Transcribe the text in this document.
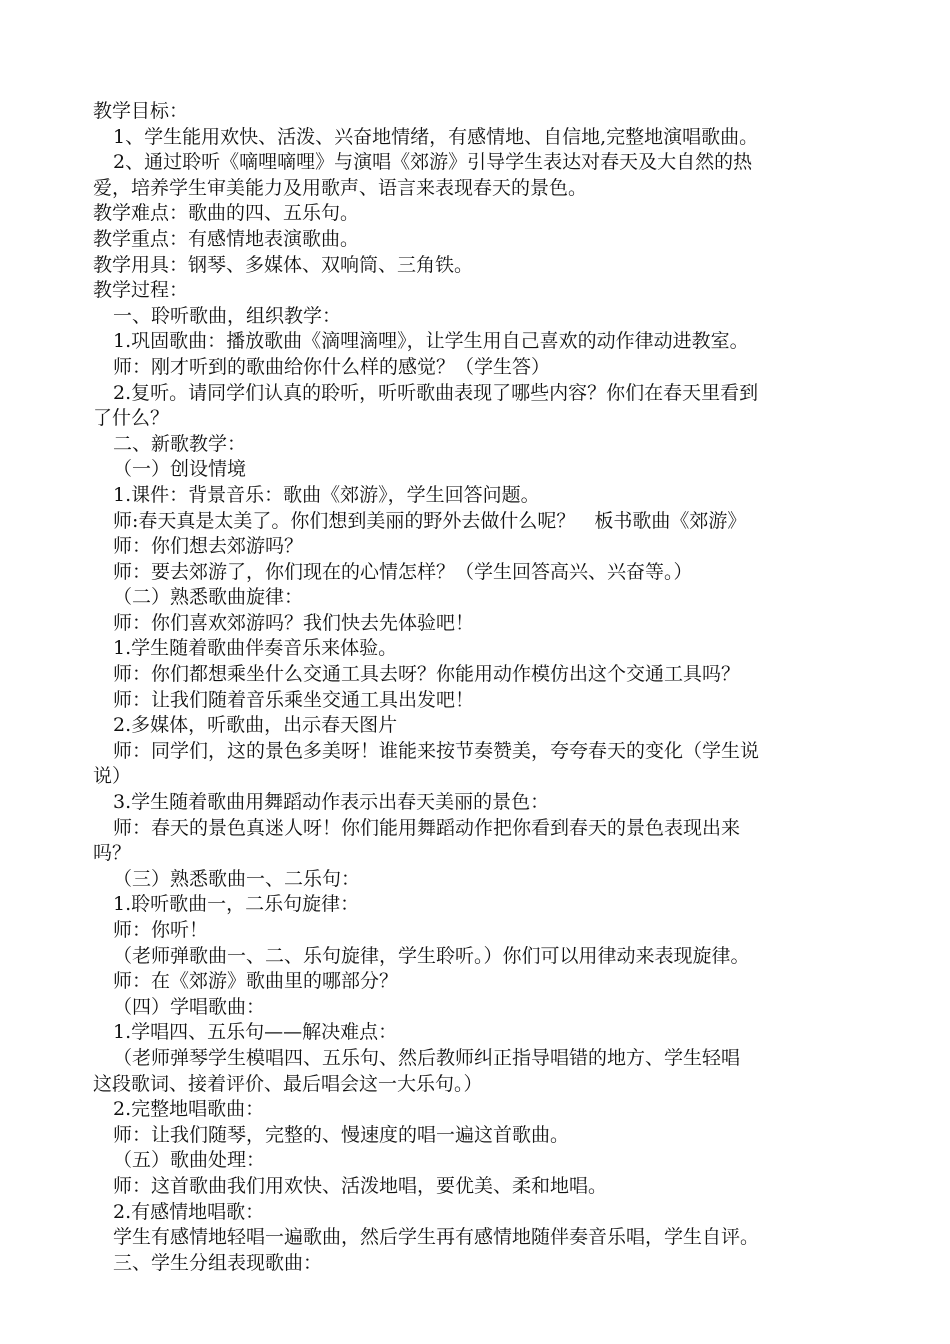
教学目标：
1、学生能用欢快、活泼、兴奋地情绪，有感情地、自信地,完整地演唱歌曲。
2、通过聆听《嘀哩嘀哩》与演唱《郊游》引导学生表达对春天及大自然的热
爱，培养学生审美能力及用歌声、语言来表现春天的景色。
教学难点：歌曲的四、五乐句。
教学重点：有感情地表演歌曲。
教学用具：钢琴、多媒体、双响筒、三角铁。
教学过程：
一、聆听歌曲，组织教学：
1.巩固歌曲：播放歌曲《滴哩滴哩》，让学生用自己喜欢的动作律动进教室。
师：刚才听到的歌曲给你什么样的感觉？（学生答）
2.复听。请同学们认真的聆听，听听歌曲表现了哪些内容？你们在春天里看到
了什么？
二、新歌教学：
（一）创设情境
1.课件：背景音乐：歌曲《郊游》，学生回答问题。
师:春天真是太美了。你们想到美丽的野外去做什么呢？　板书歌曲《郊游》
师：你们想去郊游吗？
师：要去郊游了，你们现在的心情怎样？（学生回答高兴、兴奋等。）
（二）熟悉歌曲旋律：
师：你们喜欢郊游吗？我们快去先体验吧！
1.学生随着歌曲伴奏音乐来体验。
师：你们都想乘坐什么交通工具去呀？你能用动作模仿出这个交通工具吗？
师：让我们随着音乐乘坐交通工具出发吧！
2.多媒体，听歌曲，出示春天图片
师：同学们，这的景色多美呀！谁能来按节奏赞美，夸夸春天的变化（学生说
说）
3.学生随着歌曲用舞蹈动作表示出春天美丽的景色：
师：春天的景色真迷人呀！你们能用舞蹈动作把你看到春天的景色表现出来
吗？
（三）熟悉歌曲一、二乐句：
1.聆听歌曲一，二乐句旋律：
师：你听！
（老师弹歌曲一、二、乐句旋律，学生聆听。）你们可以用律动来表现旋律。
师：在《郊游》歌曲里的哪部分？
（四）学唱歌曲：
1.学唱四、五乐句——解决难点：
（老师弹琴学生模唱四、五乐句、然后教师纠正指导唱错的地方、学生轻唱
这段歌词、接着评价、最后唱会这一大乐句。）
2.完整地唱歌曲：
师：让我们随琴，完整的、慢速度的唱一遍这首歌曲。
（五）歌曲处理：
师：这首歌曲我们用欢快、活泼地唱，要优美、柔和地唱。
2.有感情地唱歌：
学生有感情地轻唱一遍歌曲，然后学生再有感情地随伴奏音乐唱，学生自评。
三、学生分组表现歌曲：
